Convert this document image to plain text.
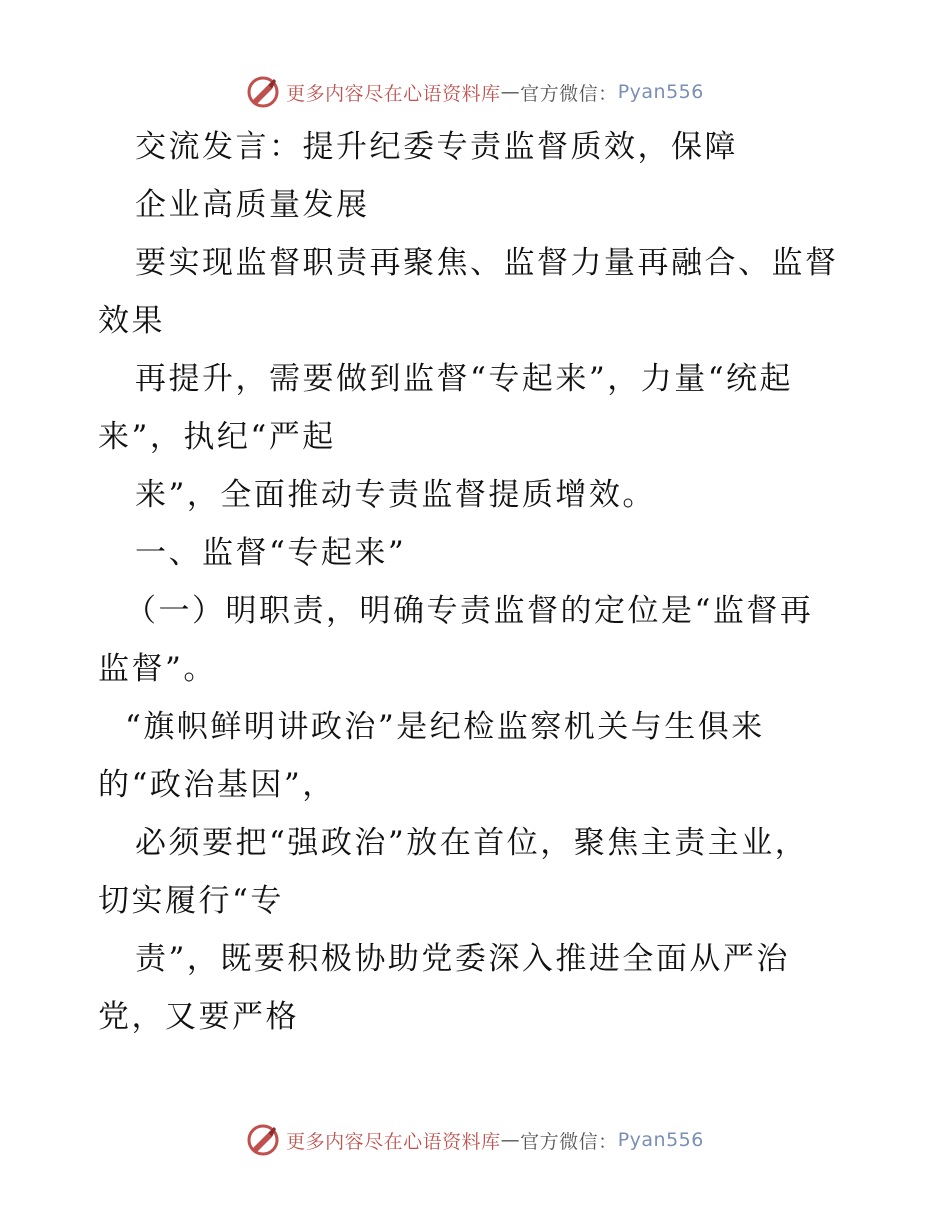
更多内容尽在心语资料库 — 官方微信： Pyan556
交流发言：提升纪委专责监督质效，保障
企业高质量发展
要实现监督职责再聚焦、监督力量再融合、监督
效果
再提升，需要做到监督“专起来”，力量“统起
来”，执纪“严起
来”，全面推动专责监督提质增效。
一、监督“专起来”
（一）明职责，明确专责监督的定位是“监督再
监督”。
“旗帜鲜明讲政治”是纪检监察机关与生俱来
的“政治基因”，
必须要把“强政治”放在首位，聚焦主责主业，
切实履行“专
责”，既要积极协助党委深入推进全面从严治
党，又要严格
更多内容尽在心语资料库 — 官方微信： Pyan556
